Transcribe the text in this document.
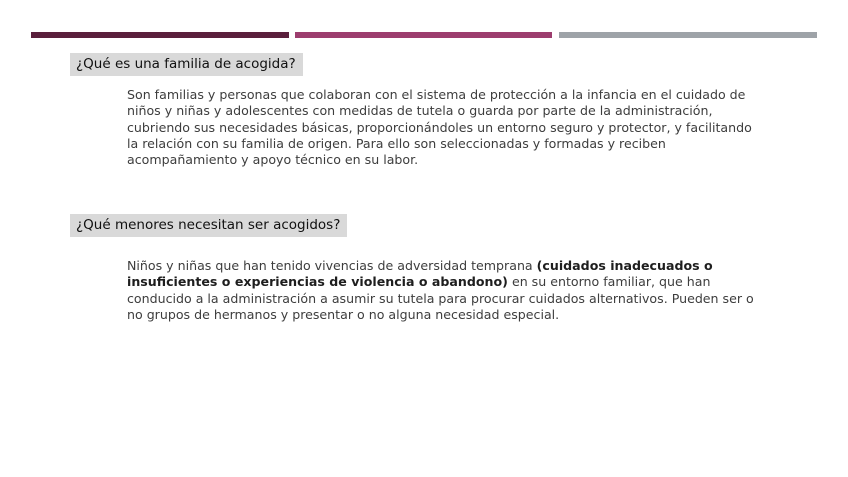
¿Qué es una familia de acogida?

Son familias y personas que colaboran con el sistema de protección a la infancia en el cuidado de niños y niñas y adolescentes con medidas de tutela o guarda por parte de la administración, cubriendo sus necesidades básicas, proporcionándoles un entorno seguro y protector, y facilitando la relación con su familia de origen. Para ello son seleccionadas y formadas y reciben acompañamiento y apoyo técnico en su labor.

¿Qué menores necesitan ser acogidos?

Niños y niñas que han tenido vivencias de adversidad temprana (cuidados inadecuados o insuficientes o experiencias de violencia o abandono) en su entorno familiar, que han conducido a la administración a asumir su tutela para procurar cuidados alternativos. Pueden ser o no grupos de hermanos y presentar o no alguna necesidad especial.
